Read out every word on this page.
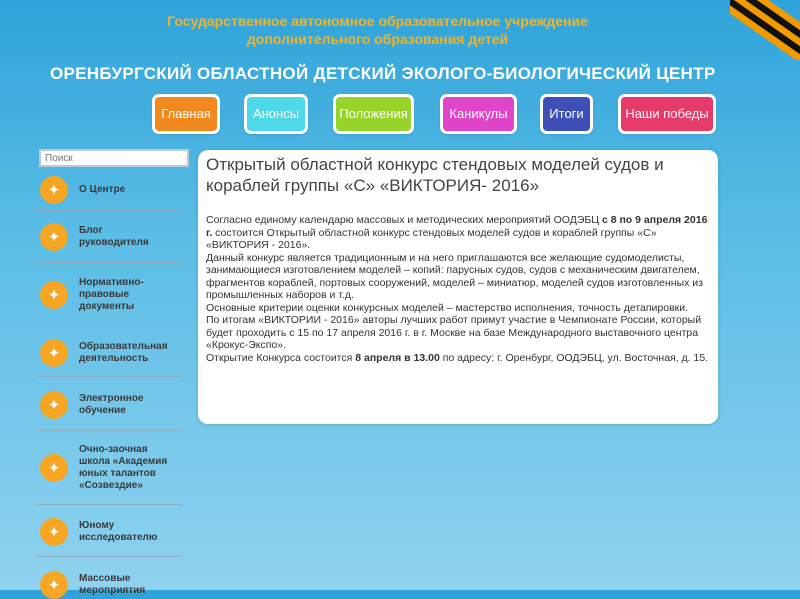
Государственное автономное образовательное учреждение
дополнительного образования детей
ОРЕНБУРГСКИЙ ОБЛАСТНОЙ ДЕТСКИЙ ЭКОЛОГО-БИОЛОГИЧЕСКИЙ ЦЕНТР
Главная	Анонсы	Положения	Каникулы	Итоги	Наши победы
Поиск
✦	О Центре
✦	Блог руководителя
✦
Нормативно-правовые документы
✦	Образовательная деятельность
✦	Электронное обучение
✦
Очно-заочная школа «Академия юных талантов «Созвездие»
✦	Юному исследователю
✦	Массовые мероприятия
Открытый областной конкурс стендовых моделей судов и кораблей группы «С» «ВИКТОРИЯ- 2016»
Согласно единому календарю массовых и методических мероприятий ООДЭБЦ с 8 по 9 апреля 2016 г. состоится Открытый областной конкурс стендовых моделей судов и кораблей группы «С» «ВИКТОРИЯ - 2016».
Данный конкурс является традиционным и на него приглашаются все желающие судомоделисты, занимающиеся изготовлением моделей – копий: парусных судов, судов с механическим двигателем, фрагментов кораблей, портовых сооружений, моделей – миниатюр, моделей судов изготовленных из промышленных наборов и т.д.
Основные критерии оценки конкурсных моделей – мастерство исполнения, точность детапировки.
По итогам «ВИКТОРИИ - 2016» авторы лучших работ примут участие в Чемпионате России, который будет проходить с 15 по 17 апреля 2016 г. в г. Москве на базе Международного выставочного центра «Крокус-Экспо».
Открытие Конкурса состоится 8 апреля в 13.00 по адресу: г. Оренбург, ООДЭБЦ, ул. Восточная, д. 15.
